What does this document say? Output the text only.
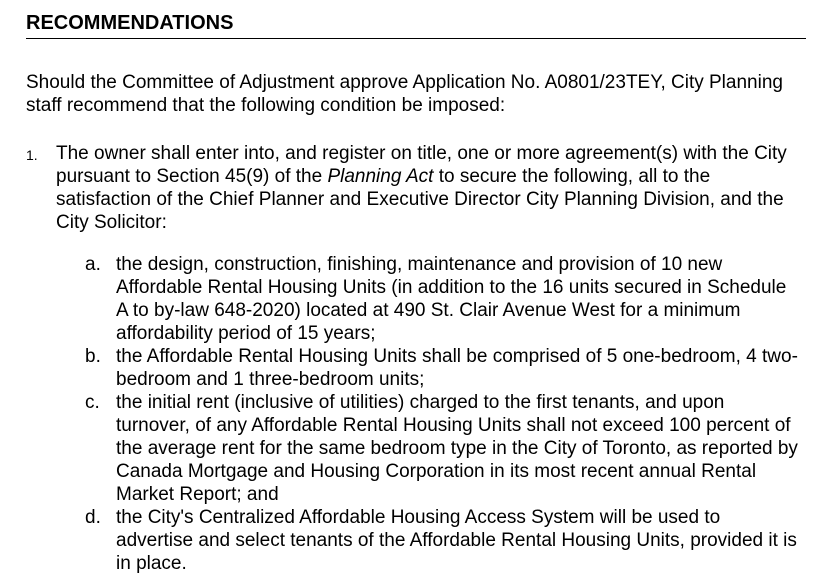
RECOMMENDATIONS

Should the Committee of Adjustment approve Application No. A0801/23TEY, City Planning staff recommend that the following condition be imposed:

1. The owner shall enter into, and register on title, one or more agreement(s) with the City pursuant to Section 45(9) of the Planning Act to secure the following, all to the satisfaction of the Chief Planner and Executive Director City Planning Division, and the City Solicitor:

a. the design, construction, finishing, maintenance and provision of 10 new Affordable Rental Housing Units (in addition to the 16 units secured in Schedule A to by-law 648-2020) located at 490 St. Clair Avenue West for a minimum affordability period of 15 years;
b. the Affordable Rental Housing Units shall be comprised of 5 one-bedroom, 4 two-bedroom and 1 three-bedroom units;
c. the initial rent (inclusive of utilities) charged to the first tenants, and upon turnover, of any Affordable Rental Housing Units shall not exceed 100 percent of the average rent for the same bedroom type in the City of Toronto, as reported by Canada Mortgage and Housing Corporation in its most recent annual Rental Market Report; and
d. the City's Centralized Affordable Housing Access System will be used to advertise and select tenants of the Affordable Rental Housing Units, provided it is in place.
